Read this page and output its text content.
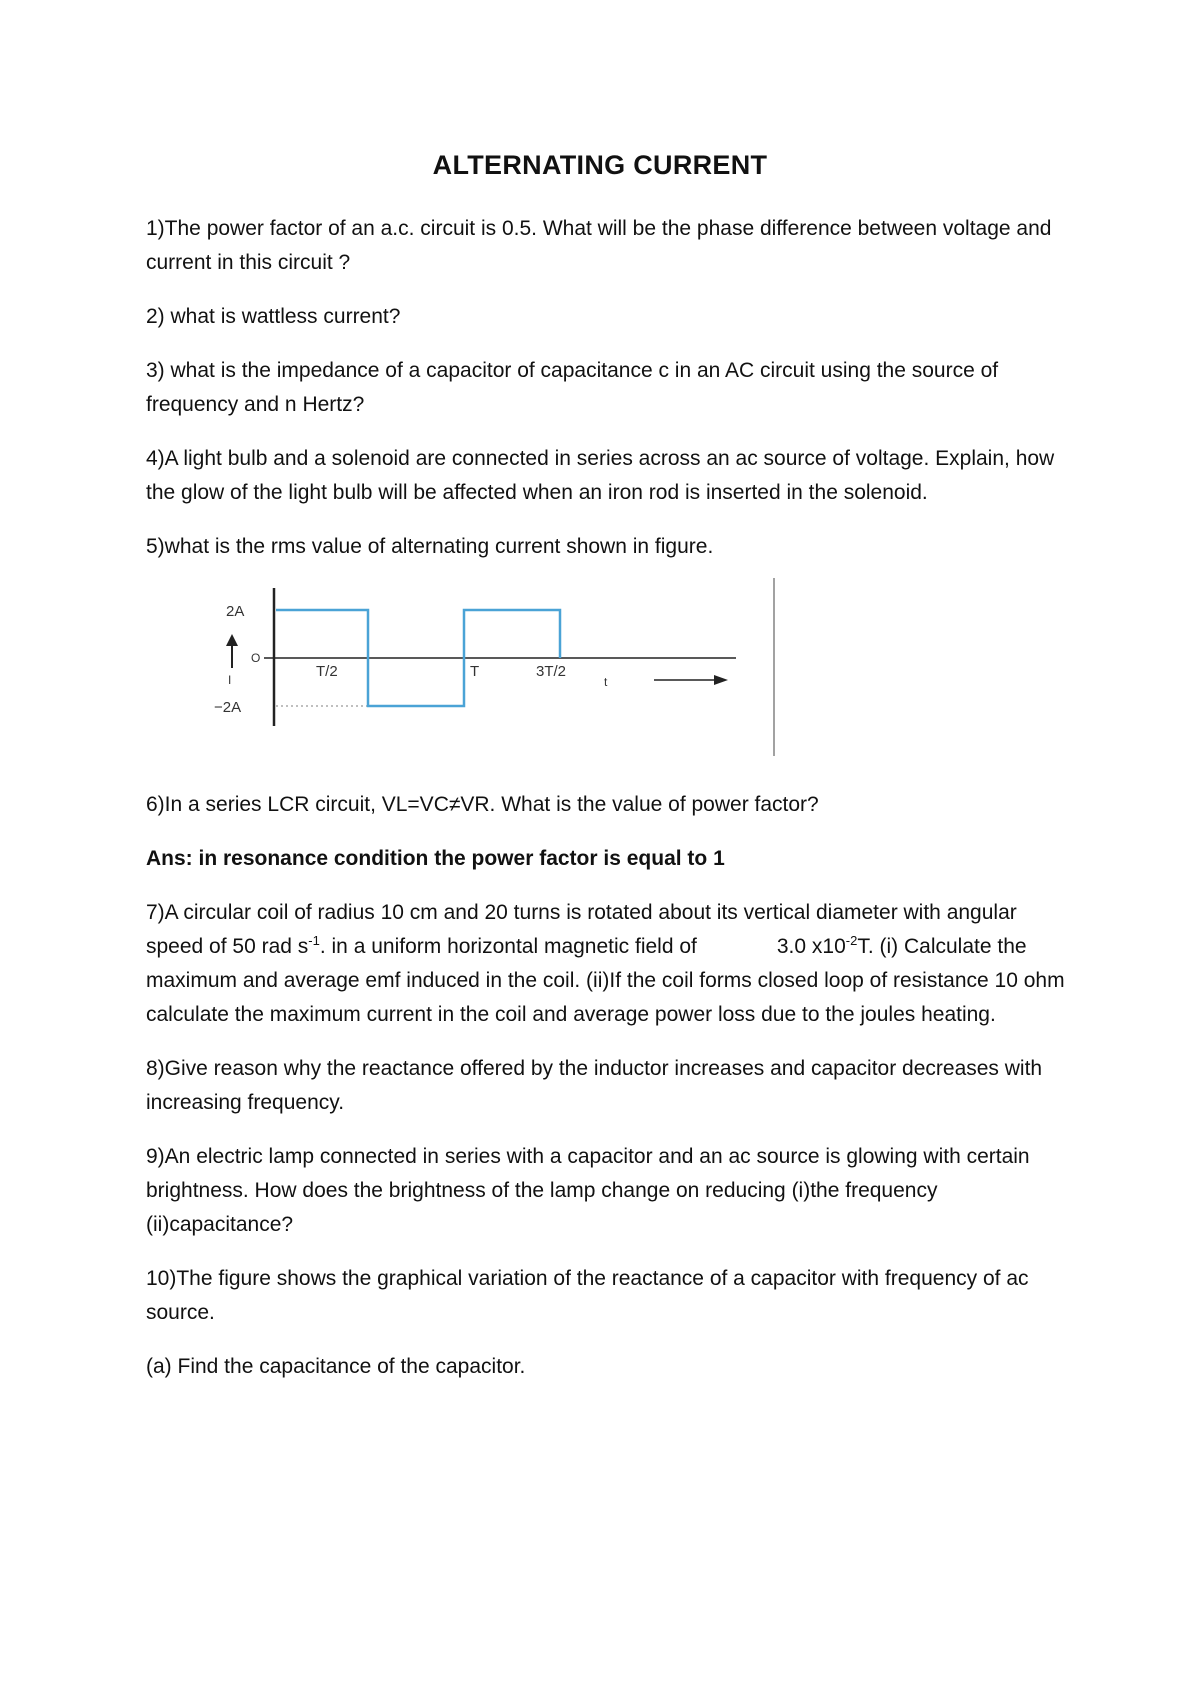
ALTERNATING CURRENT

1)The power factor of an a.c. circuit is 0.5. What will be the phase difference between voltage and current in this circuit ?

2) what is wattless current?

3) what is the impedance of a capacitor of capacitance c in an AC circuit using the source of frequency and n Hertz?

4)A light bulb and a solenoid are connected in series across an ac source of voltage. Explain, how the glow of the light bulb will be affected when an iron rod is inserted in the solenoid.

5)what is the rms value of alternating current shown in figure.

2A
O
I
−2A
T/2	T	3T/2
t

6)In a series LCR circuit, VL=VC≠VR. What is the value of power factor?

Ans: in resonance condition the power factor is equal to 1

7)A circular coil of radius 10 cm and 20 turns is rotated about its vertical diameter with angular speed of 50 rad $s^{-1}$. in a uniform horizontal magnetic field of	3.0 $x10^{-2}T$. (i) Calculate the maximum and average emf induced in the coil. (ii)If the coil forms closed loop of resistance 10 ohm calculate the maximum current in the coil and average power loss due to the joules heating.

8)Give reason why the reactance offered by the inductor increases and capacitor decreases with increasing frequency.

9)An electric lamp connected in series with a capacitor and an ac source is glowing with certain brightness. How does the brightness of the lamp change on reducing (i)the frequency (ii)capacitance?

10)The figure shows the graphical variation of the reactance of a capacitor with frequency of ac source.

(a) Find the capacitance of the capacitor.
